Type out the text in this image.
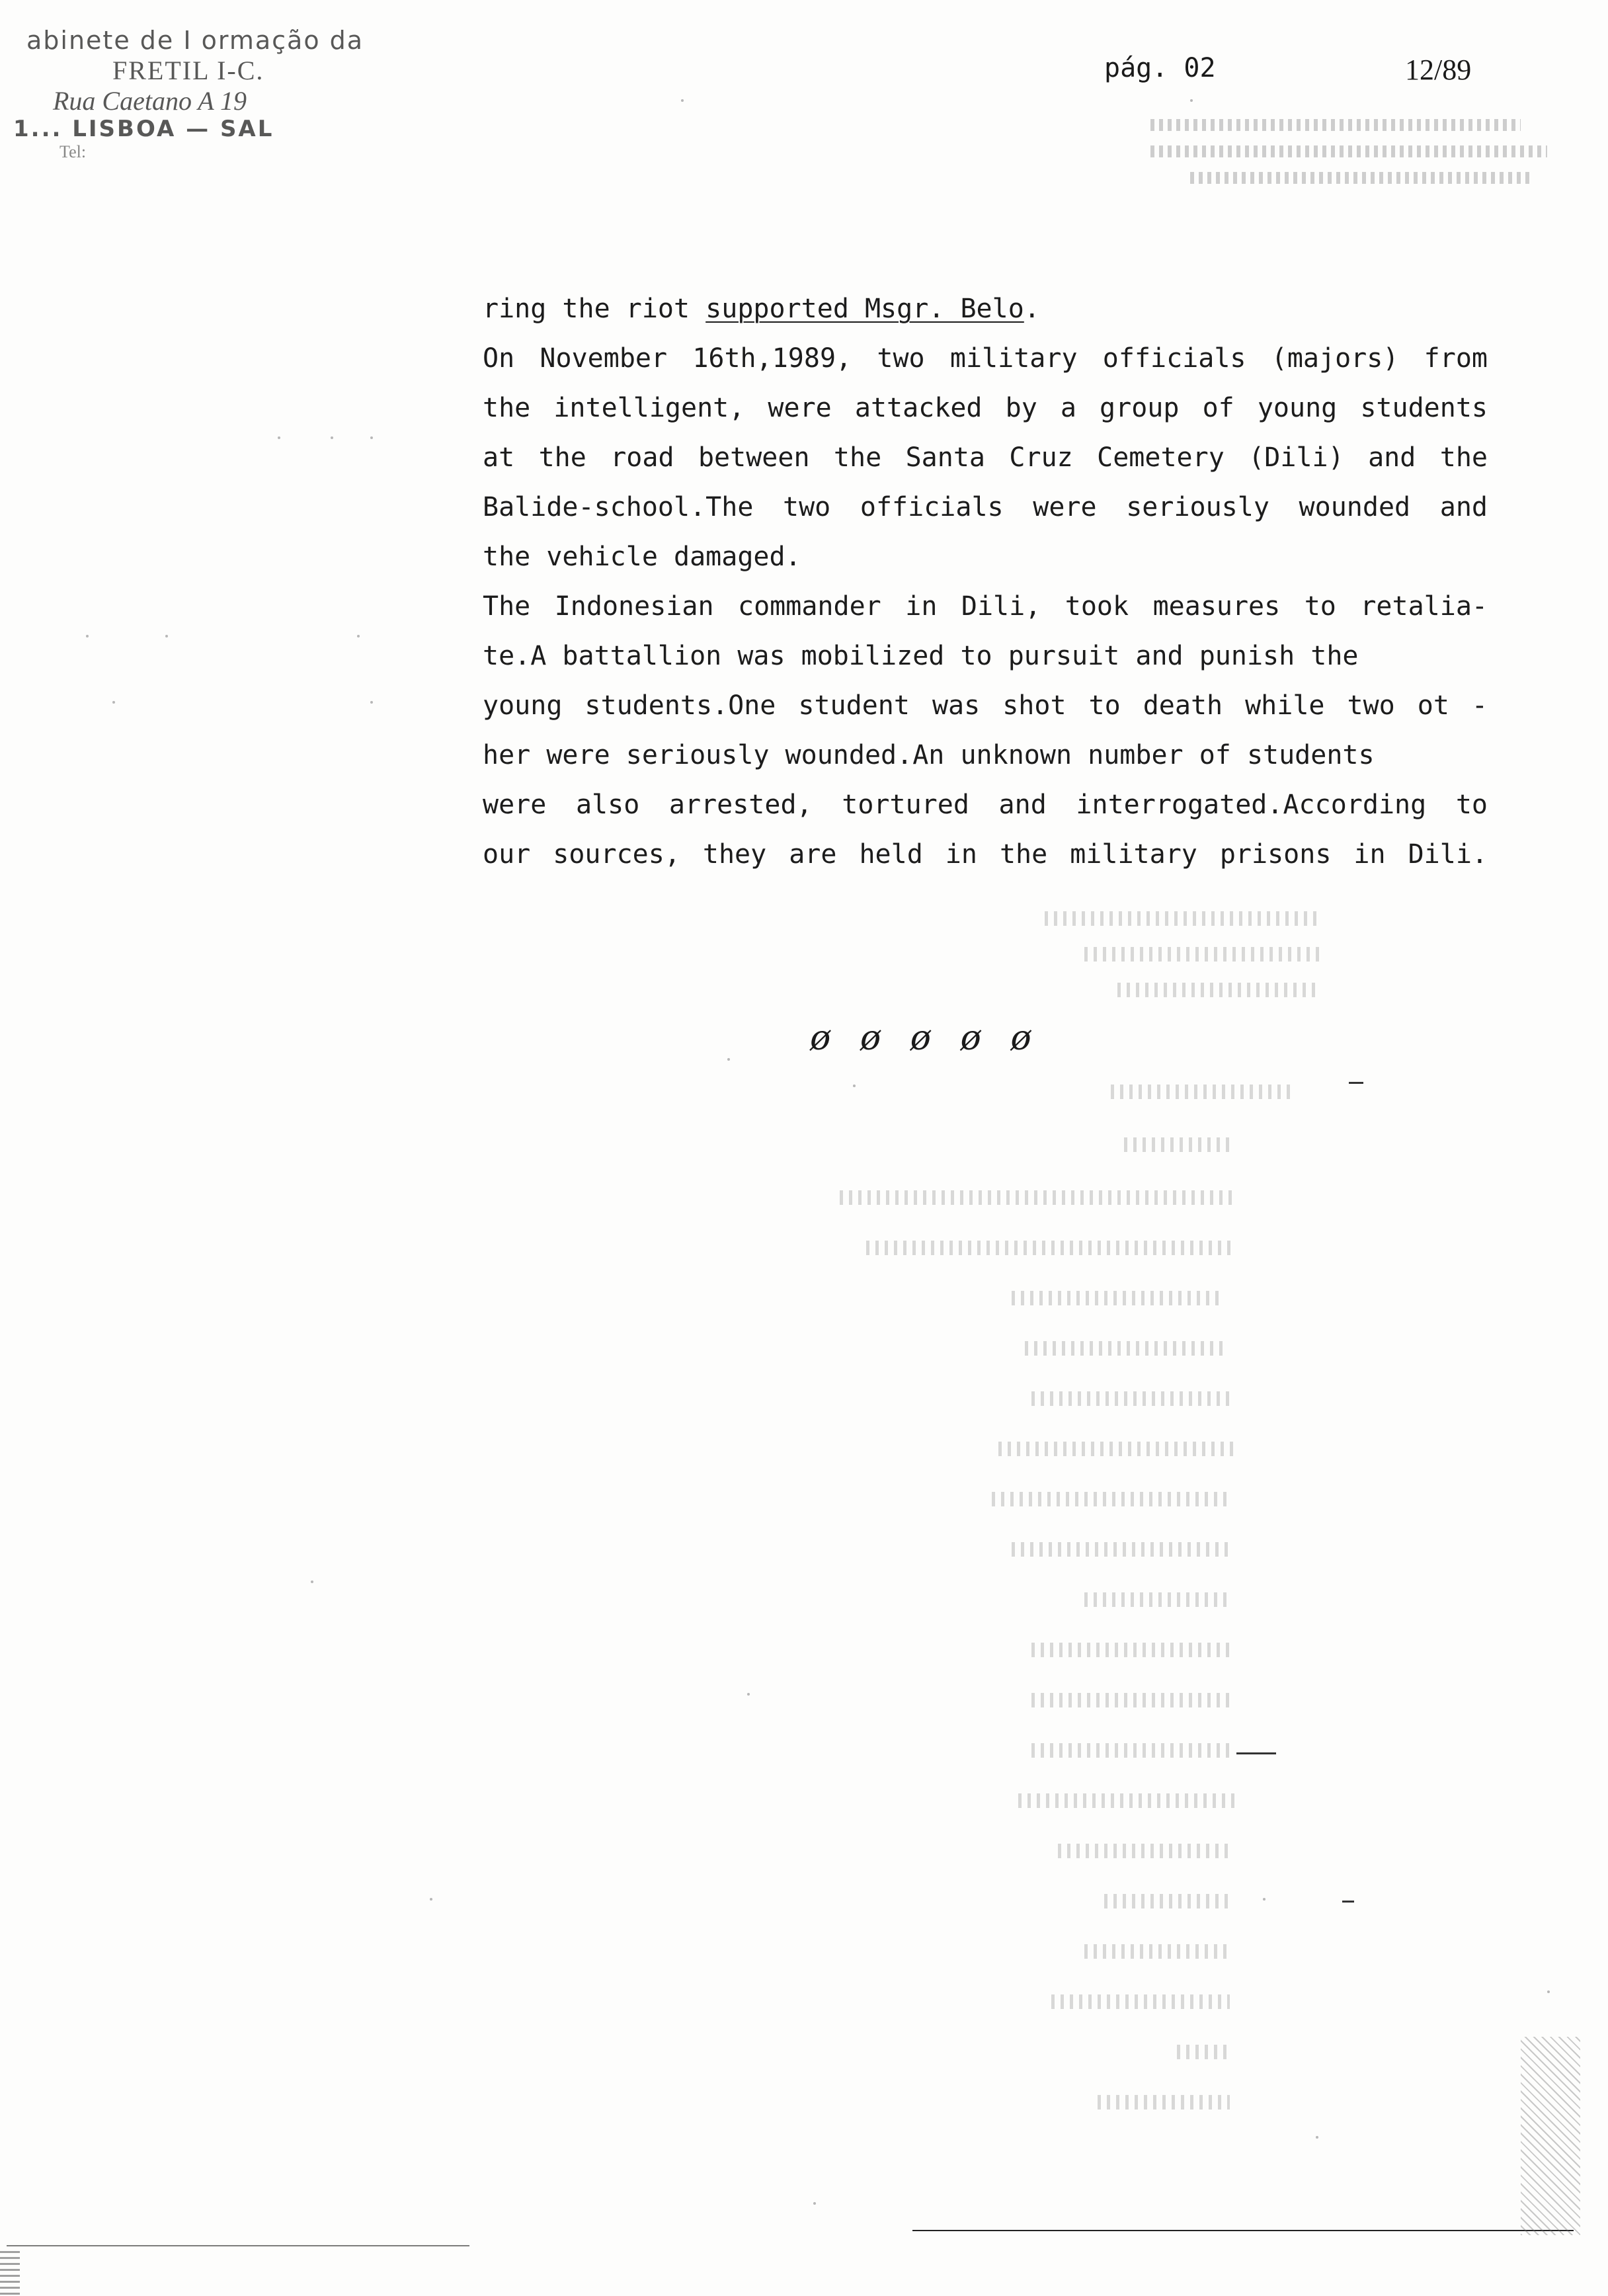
abinete de I ormação da
FRETIL I-C.
Rua Caetano A 19
1... LISBOA — SAL
Tel:
pág. 02	12/89
ring the riot supported Msgr. Belo.
On November 16th,1989, two military officials (majors) from
the intelligent, were attacked by a group of young students
at the road between the Santa Cruz Cemetery (Dili) and the
Balide-school.The two officials were seriously wounded and
the vehicle damaged.
The Indonesian commander in Dili, took measures to retalia-
te.A battallion was mobilized to pursuit and punish the
young students.One student was shot to death while two ot -
her were seriously wounded.An unknown number of students
were also arrested, tortured and interrogated.According to
our sources, they are held in the military prisons in Dili.
ø ø ø ø ø
